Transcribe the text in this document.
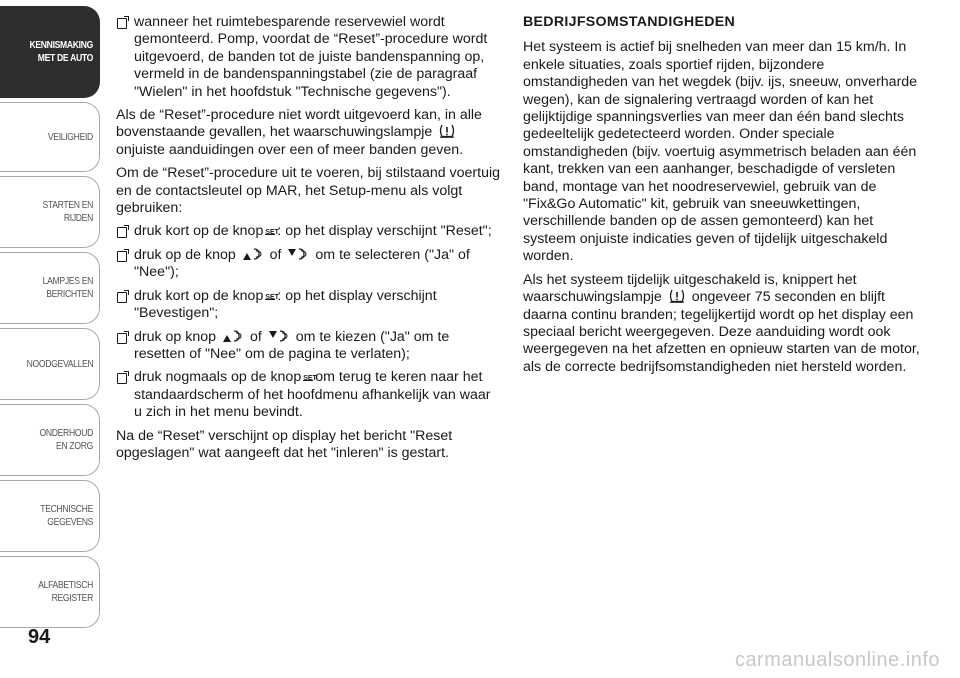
KENNISMAKING MET DE AUTO
VEILIGHEID
STARTEN EN RIJDEN
LAMPJES EN BERICHTEN
NOODGEVALLEN
ONDERHOUD EN ZORG
TECHNISCHE GEGEVENS
ALFABETISCH REGISTER
94
wanneer het ruimtebesparende reservewiel wordt gemonteerd. Pomp, voordat de “Reset”-procedure wordt uitgevoerd, de banden tot de juiste bandenspanning op, vermeld in de bandenspanningstabel (zie de paragraaf "Wielen" in het hoofdstuk "Technische gegevens").
Als de “Reset”-procedure niet wordt uitgevoerd kan, in alle bovenstaande gevallen, het waarschuwingslampje
onjuiste aanduidingen over een of meer banden geven.
Om de “Reset”-procedure uit te voeren, bij stilstaand voertuig en de contactsleutel op MAR, het Setup-menu als volgt gebruiken:
druk kort op de knop SET
: op het display verschijnt "Reset";
druk op de knop of om te selecteren ("Ja" of "Nee");
druk kort op de knop SET
: op het display verschijnt "Bevestigen";
druk op knop of om te kiezen ("Ja" om te resetten of "Nee" om de pagina te verlaten);
druk nogmaals op de knop SET
om terug te keren naar het standaardscherm of het hoofdmenu afhankelijk van waar u zich in het menu bevindt.
Na de “Reset” verschijnt op display het bericht "Reset opgeslagen" wat aangeeft dat het "inleren" is gestart.
BEDRIJFSOMSTANDIGHEDEN
Het systeem is actief bij snelheden van meer dan 15 km/h. In enkele situaties, zoals sportief rijden, bijzondere omstandigheden van het wegdek (bijv. ijs, sneeuw, onverharde wegen), kan de signalering vertraagd worden of kan het gelijktijdige spanningsverlies van meer dan één band slechts gedeeltelijk gedetecteerd worden. Onder speciale omstandigheden (bijv. voertuig asymmetrisch beladen aan één kant, trekken van een aanhanger, beschadigde of versleten band, montage van het noodreservewiel, gebruik van de "Fix&Go Automatic" kit, gebruik van sneeuwkettingen, verschillende banden op de assen gemonteerd) kan het systeem onjuiste indicaties geven of tijdelijk uitgeschakeld worden.
Als het systeem tijdelijk uitgeschakeld is, knippert het waarschuwingslampje ongeveer 75 seconden en blijft daarna continu branden; tegelijkertijd wordt op het display een speciaal bericht weergegeven. Deze aanduiding wordt ook weergegeven na het afzetten en opnieuw starten van de motor, als de correcte bedrijfsomstandigheden niet hersteld worden.
carmanualsonline.info
